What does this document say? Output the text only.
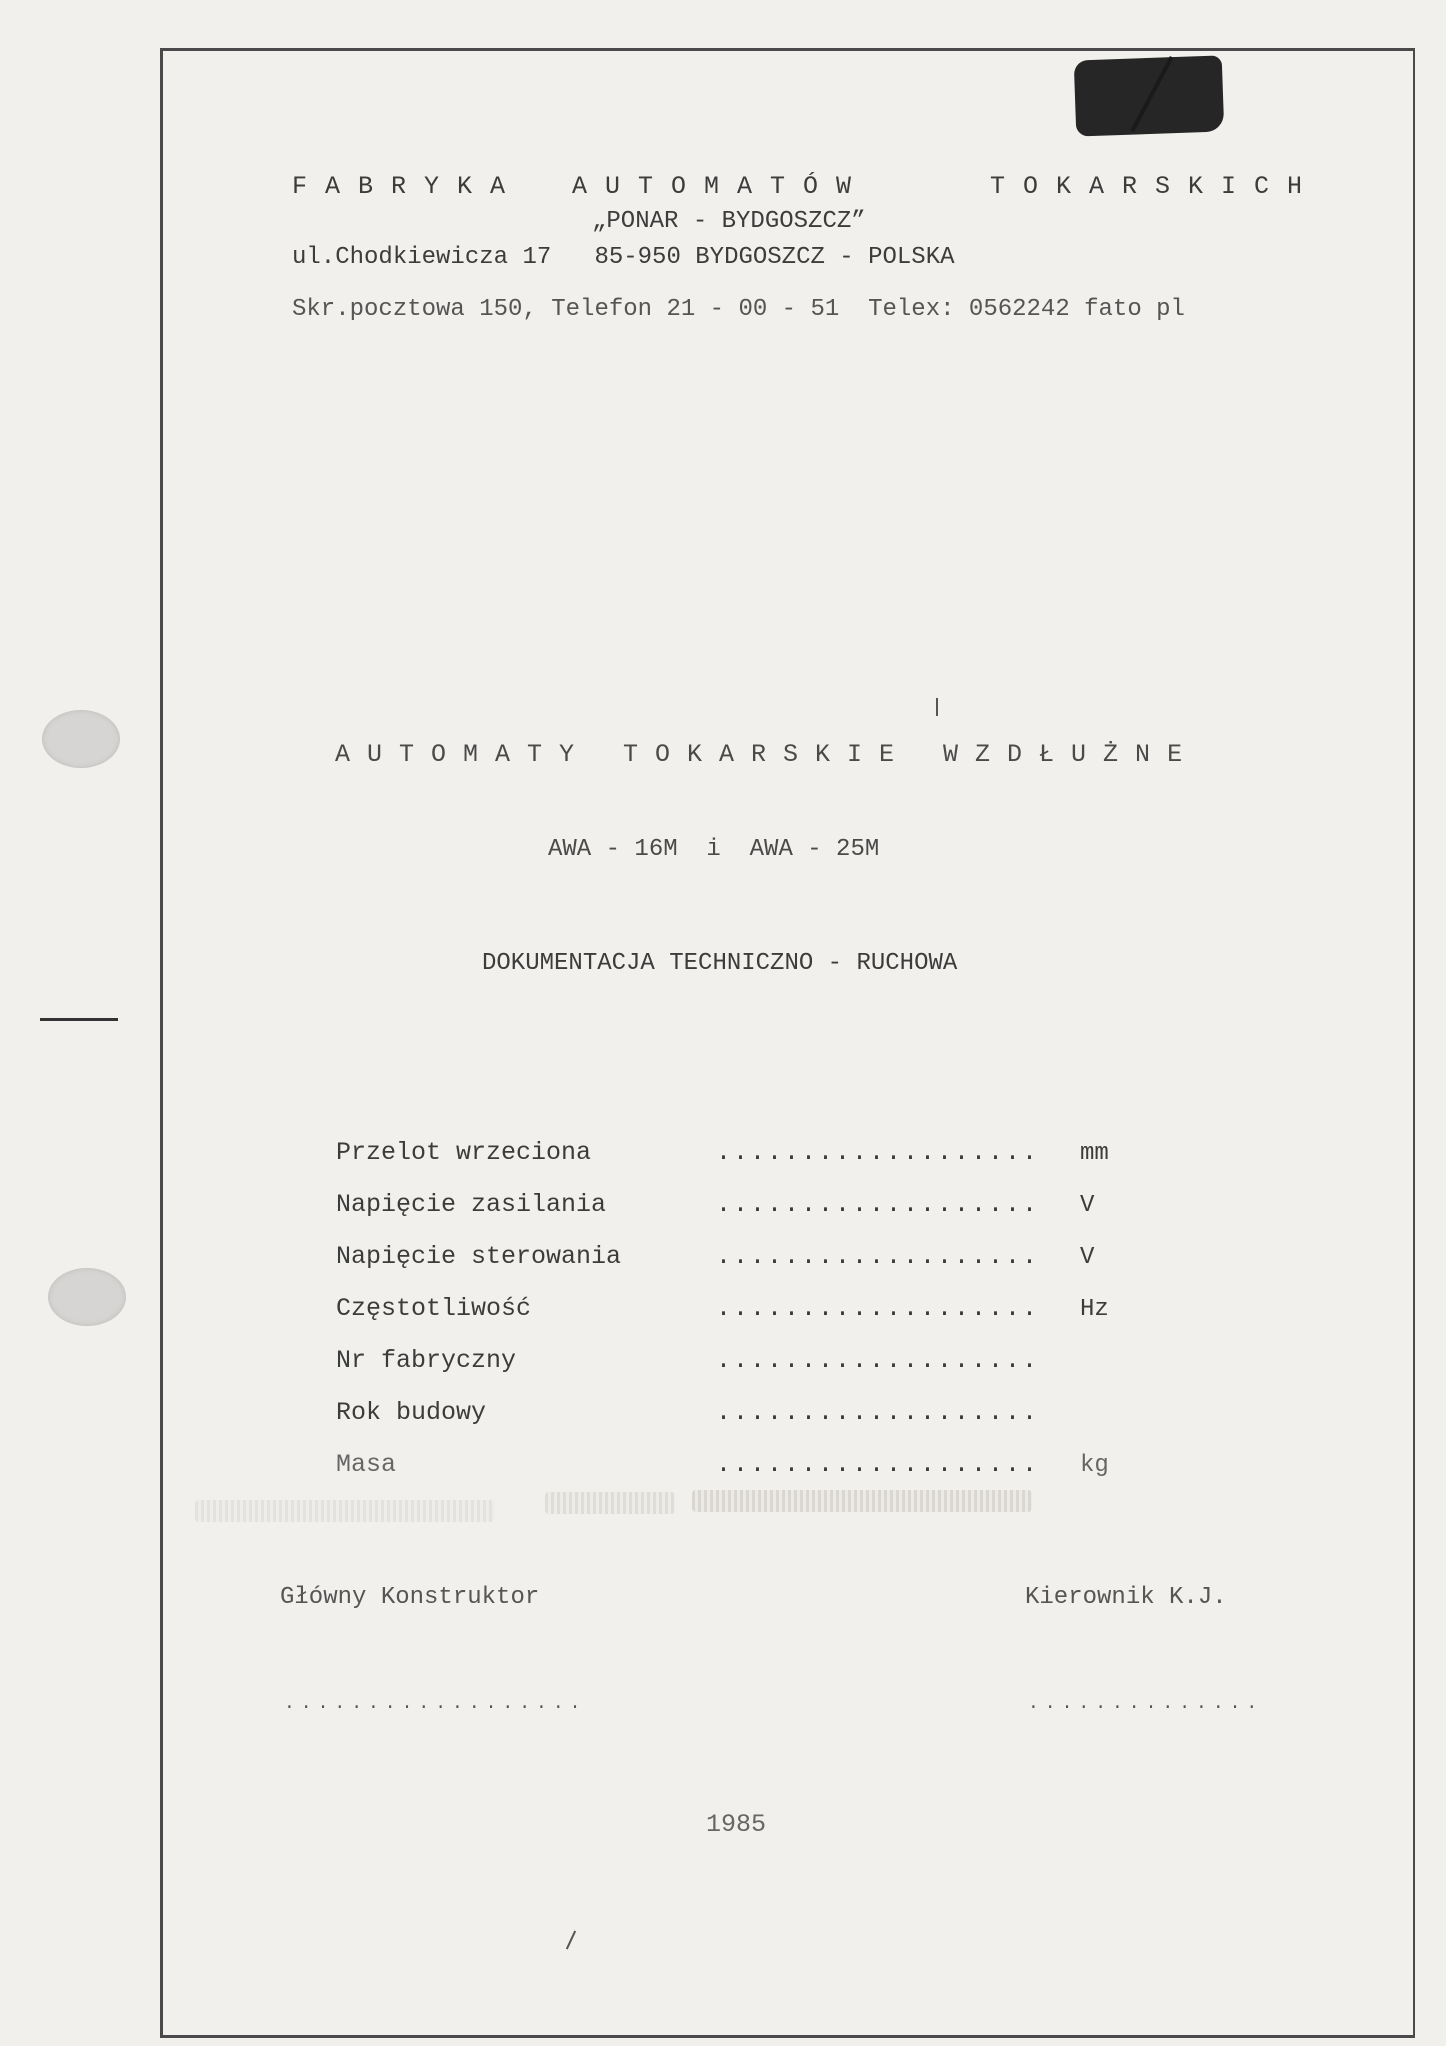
FABRYKA AUTOMATÓW	TOKARSKICH
„PONAR - BYDGOSZCZ”
ul.Chodkiewicza 17   85-950 BYDGOSZCZ - POLSKA
Skr.pocztowa 150, Telefon 21 - 00 - 51  Telex: 0562242 fato pl
AUTOMATY TOKARSKIE WZDŁUŻNE
AWA - 16M  i  AWA - 25M
DOKUMENTACJA TECHNICZNO - RUCHOWA
Przelot wrzeciona	................... mm
Napięcie zasilania	................... V
Napięcie sterowania	................... V
Częstotliwość	................... Hz
Nr fabryczny	...................
Rok budowy	...................
Masa	................... kg
Główny Konstruktor	Kierownik K.J.
..................	..............
1985
